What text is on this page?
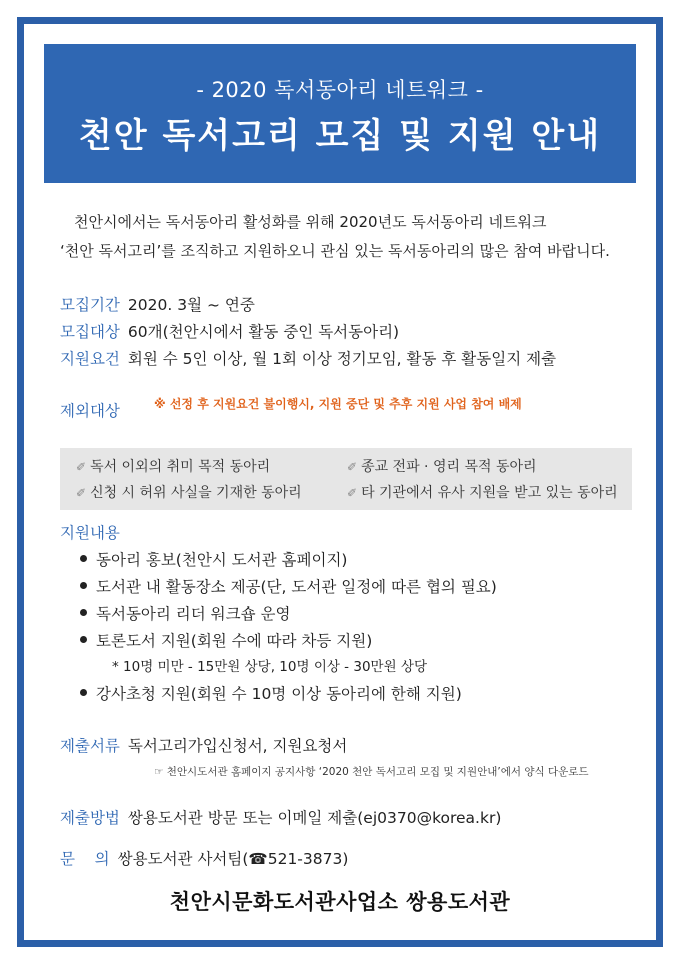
- 2020 독서동아리 네트워크 -
천안 독서고리 모집 및 지원 안내
천안시에서는 독서동아리 활성화를 위해 2020년도 독서동아리 네트워크
‘천안 독서고리’를 조직하고 지원하오니 관심 있는 독서동아리의 많은 참여 바랍니다.
모집기간 2020. 3월 ~ 연중
모집대상 60개(천안시에서 활동 중인 독서동아리)
지원요건 회원 수 5인 이상, 월 1회 이상 정기모임, 활동 후 활동일지 제출
※ 선정 후 지원요건 불이행시, 지원 중단 및 추후 지원 사업 참여 배제
제외대상
✐ 독서 이외의 취미 목적 동아리	✐ 종교 전파 · 영리 목적 동아리
✐ 신청 시 허위 사실을 기재한 동아리	✐ 타 기관에서 유사 지원을 받고 있는 동아리
지원내용
동아리 홍보(천안시 도서관 홈페이지)
도서관 내 활동장소 제공(단, 도서관 일정에 따른 협의 필요)
독서동아리 리더 워크숍 운영
토론도서 지원(회원 수에 따라 차등 지원)
* 10명 미만 - 15만원 상당, 10명 이상 - 30만원 상당
강사초청 지원(회원 수 10명 이상 동아리에 한해 지원)
제출서류 독서고리가입신청서, 지원요청서
☞ 천안시도서관 홈페이지 공지사항 ‘2020 천안 독서고리 모집 및 지원안내’에서 양식 다운로드
제출방법 쌍용도서관 방문 또는 이메일 제출(ej0370@korea.kr)
문    의 쌍용도서관 사서팀(☎521-3873)
천안시문화도서관사업소 쌍용도서관
